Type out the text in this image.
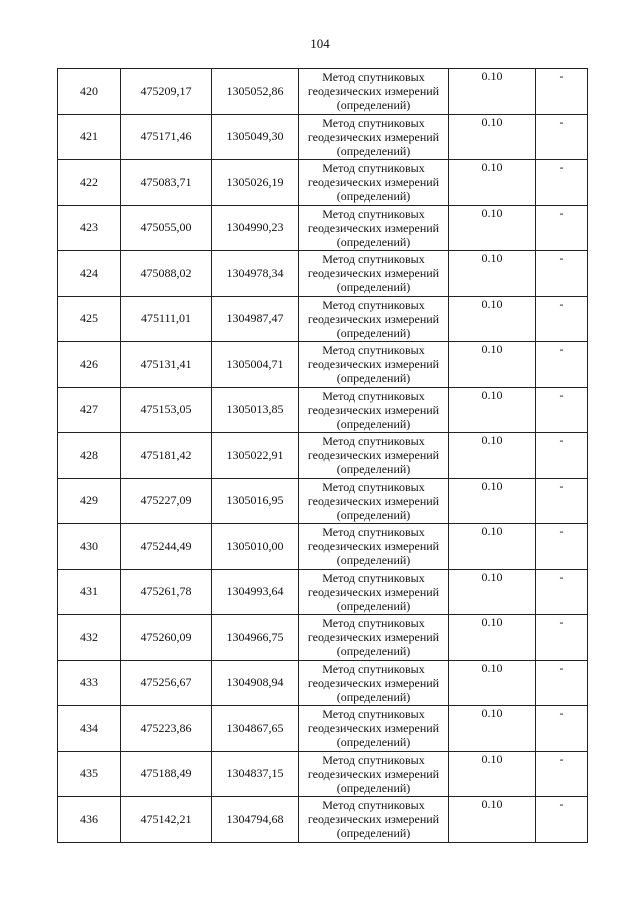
104
420	475209,17	1305052,86	Метод спутниковых
геодезических измерений
(определений)	0.10	-
421	475171,46	1305049,30	Метод спутниковых
геодезических измерений
(определений)	0.10	-
422	475083,71	1305026,19	Метод спутниковых
геодезических измерений
(определений)	0.10	-
423	475055,00	1304990,23	Метод спутниковых
геодезических измерений
(определений)	0.10	-
424	475088,02	1304978,34	Метод спутниковых
геодезических измерений
(определений)	0.10	-
425	475111,01	1304987,47	Метод спутниковых
геодезических измерений
(определений)	0.10	-
426	475131,41	1305004,71	Метод спутниковых
геодезических измерений
(определений)	0.10	-
427	475153,05	1305013,85	Метод спутниковых
геодезических измерений
(определений)	0.10	-
428	475181,42	1305022,91	Метод спутниковых
геодезических измерений
(определений)	0.10	-
429	475227,09	1305016,95	Метод спутниковых
геодезических измерений
(определений)	0.10	-
430	475244,49	1305010,00	Метод спутниковых
геодезических измерений
(определений)	0.10	-
431	475261,78	1304993,64	Метод спутниковых
геодезических измерений
(определений)	0.10	-
432	475260,09	1304966,75	Метод спутниковых
геодезических измерений
(определений)	0.10	-
433	475256,67	1304908,94	Метод спутниковых
геодезических измерений
(определений)	0.10	-
434	475223,86	1304867,65	Метод спутниковых
геодезических измерений
(определений)	0.10	-
435	475188,49	1304837,15	Метод спутниковых
геодезических измерений
(определений)	0.10	-
436	475142,21	1304794,68	Метод спутниковых
геодезических измерений
(определений)	0.10	-
